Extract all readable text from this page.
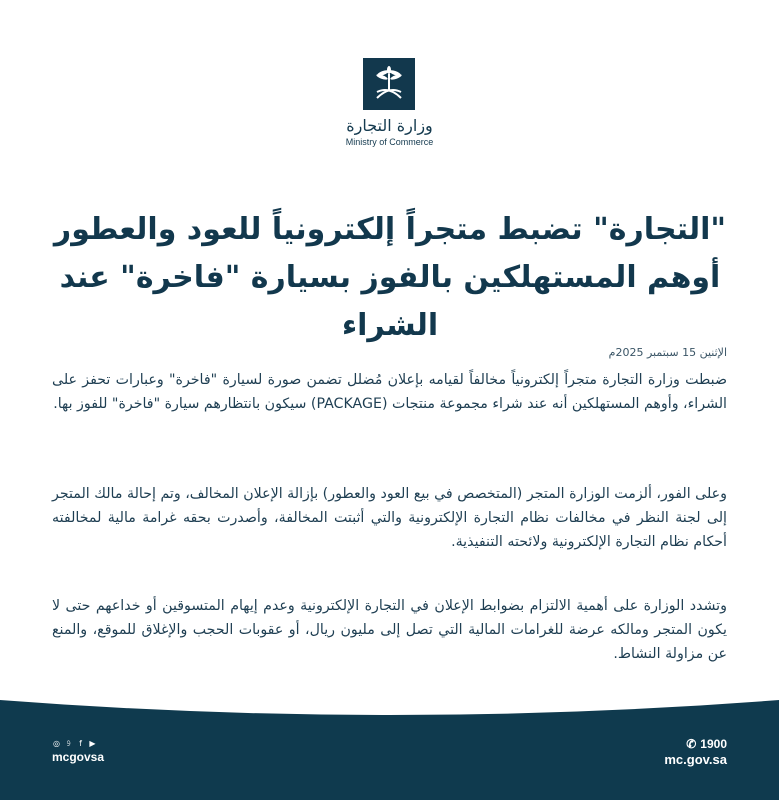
وزارة التجارة
Ministry of Commerce
"التجارة" تضبط متجراً إلكترونياً للعود والعطور
أوهم المستهلكين بالفوز بسيارة "فاخرة" عند الشراء
الإثنين 15 سبتمبر 2025م
ضبطت وزارة التجارة متجراً إلكترونياً مخالفاً لقيامه بإعلان مُضلل تضمن صورة لسيارة "فاخرة" وعبارات تحفز على الشراء، وأوهم المستهلكين أنه عند شراء مجموعة منتجات (PACKAGE) سيكون بانتظارهم سيارة "فاخرة" للفوز بها.
وعلى الفور، ألزمت الوزارة المتجر (المتخصص في بيع العود والعطور) بإزالة الإعلان المخالف، وتم إحالة مالك المتجر إلى لجنة النظر في مخالفات نظام التجارة الإلكترونية والتي أثبتت المخالفة، وأصدرت بحقه غرامة مالية لمخالفته أحكام نظام التجارة الإلكترونية ولائحته التنفيذية.
وتشدد الوزارة على أهمية الالتزام بضوابط الإعلان في التجارة الإلكترونية وعدم إيهام المتسوقين أو خداعهم حتى لا يكون المتجر ومالكه عرضة للغرامات المالية التي تصل إلى مليون ريال، أو عقوبات الحجب والإغلاق للموقع، والمنع عن مزاولة النشاط.
◎ 𝟿	f ▶
mcgovsa
✆ 1900
mc.gov.sa
